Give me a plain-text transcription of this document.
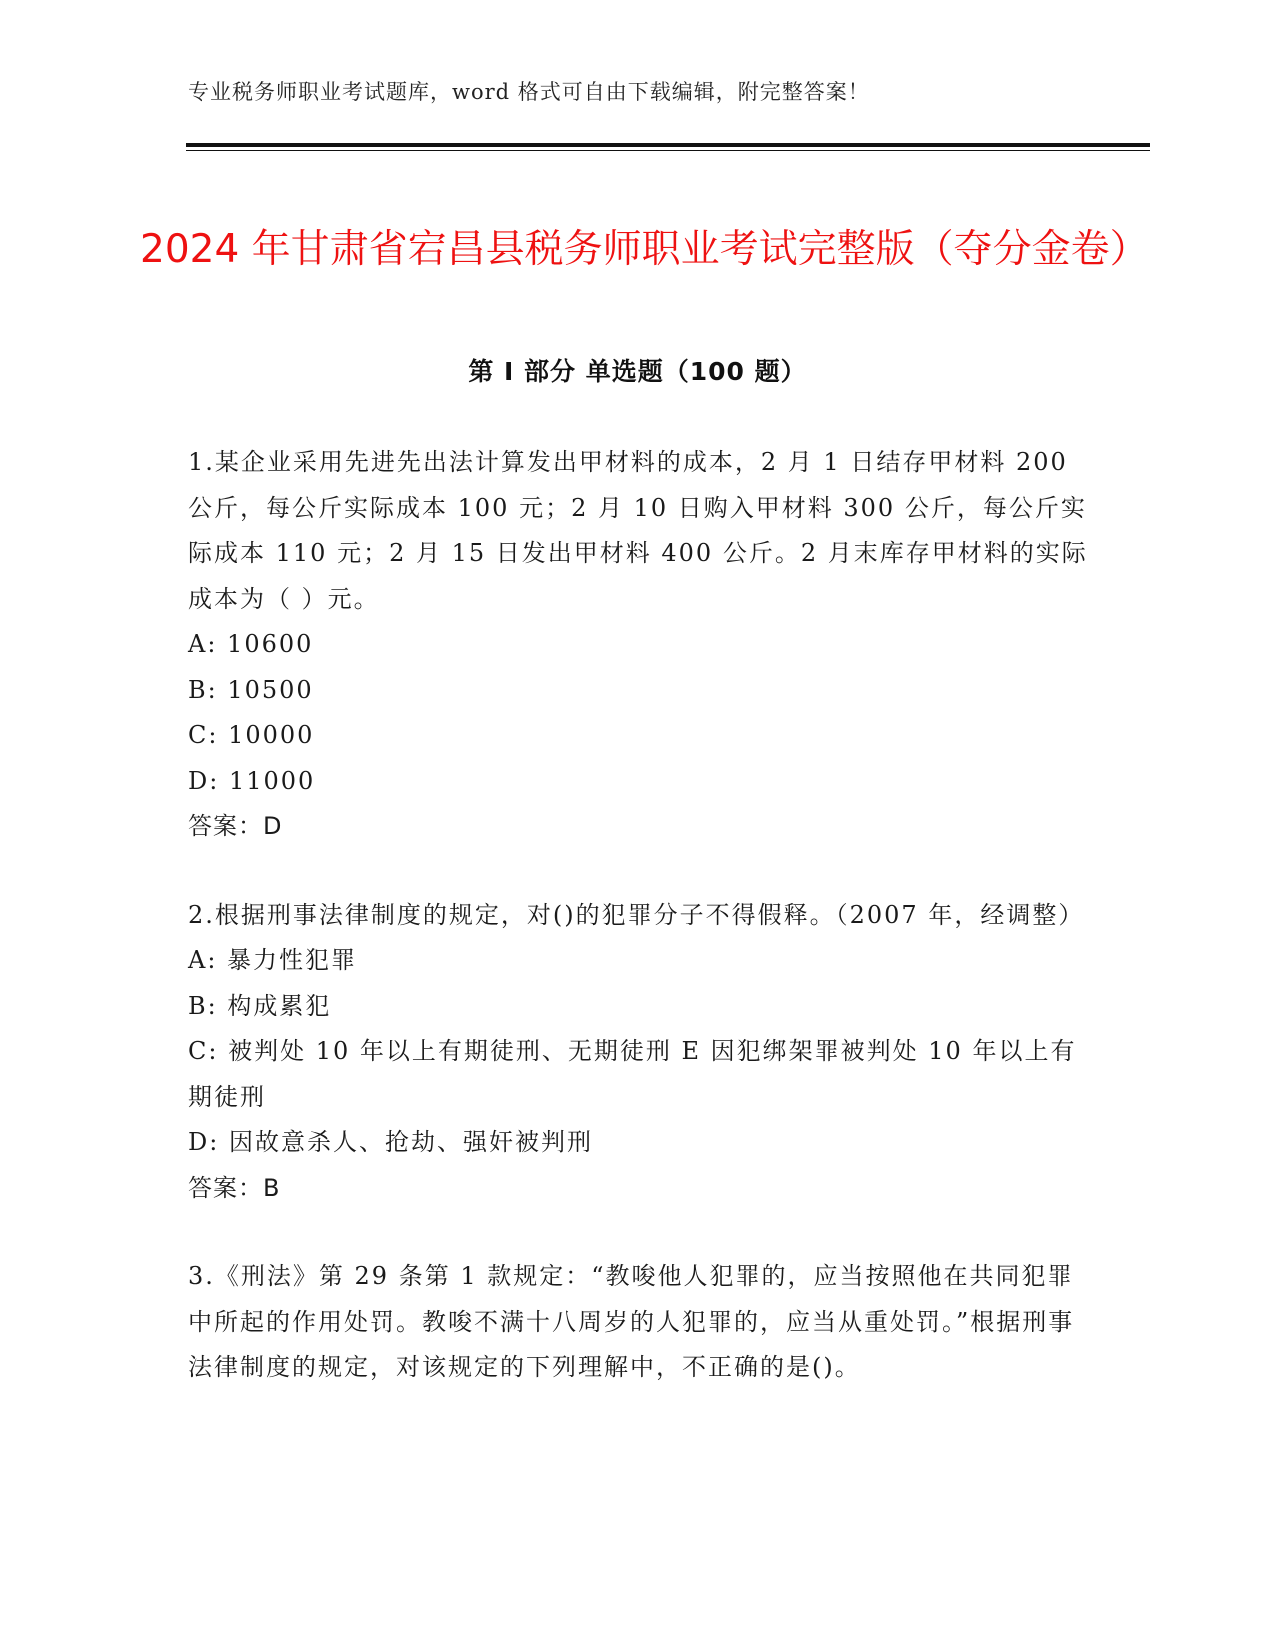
专业税务师职业考试题库，word 格式可自由下载编辑，附完整答案！
2024 年甘肃省宕昌县税务师职业考试完整版（夺分金卷）
第 I 部分 单选题（100 题）

1.某企业采用先进先出法计算发出甲材料的成本，2 月 1 日结存甲材料 200 公斤，每公斤实际成本 100 元；2 月 10 日购入甲材料 300 公斤，每公斤实际成本 110 元；2 月 15 日发出甲材料 400 公斤。2 月末库存甲材料的实际成本为（ ）元。

A: 10600

B: 10500

C: 10000

D: 11000

答案：D

2.根据刑事法律制度的规定，对()的犯罪分子不得假释。（2007 年，经调整）

A: 暴力性犯罪

B: 构成累犯

C: 被判处 10 年以上有期徒刑、无期徒刑 E 因犯绑架罪被判处 10 年以上有期徒刑

D: 因故意杀人、抢劫、强奸被判刑

答案：B

3.《刑法》第 29 条第 1 款规定：“教唆他人犯罪的，应当按照他在共同犯罪中所起的作用处罚。教唆不满十八周岁的人犯罪的，应当从重处罚。”根据刑事法律制度的规定，对该规定的下列理解中，不正确的是()。
